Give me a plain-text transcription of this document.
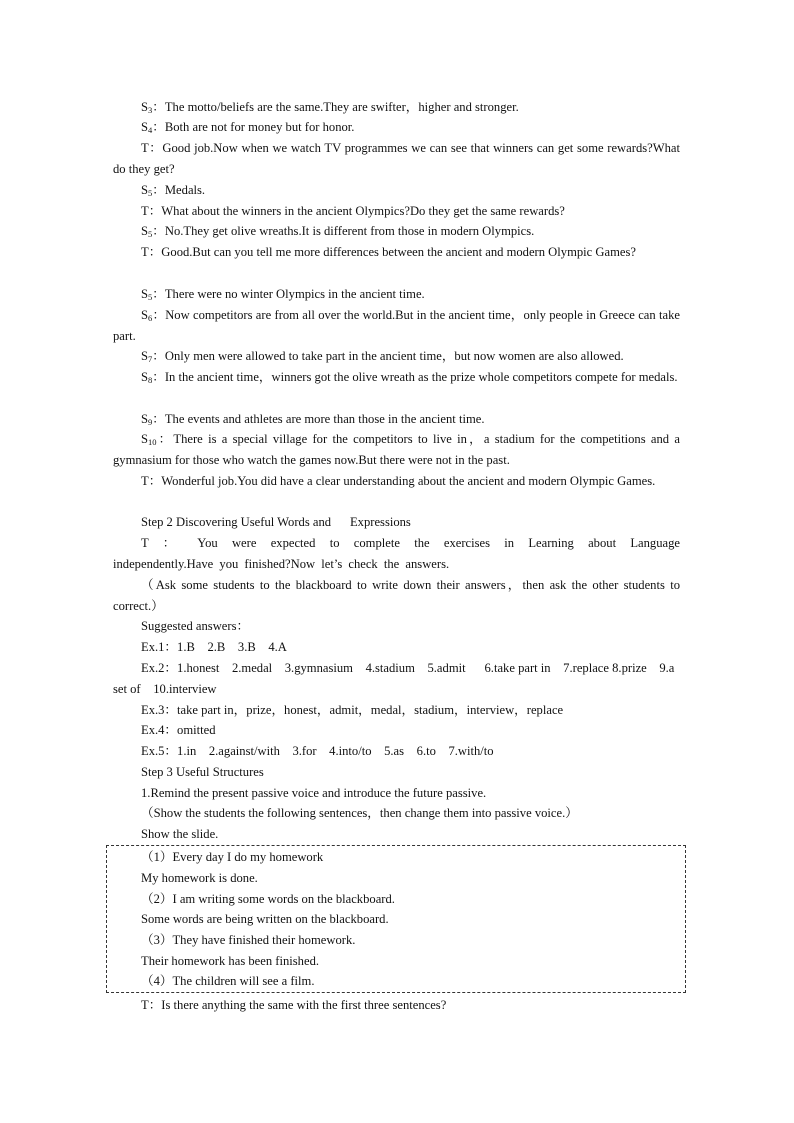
$S_3$：The motto/beliefs are the same.They are swifter，higher and stronger.

$S_4$：Both are not for money but for honor.

T：Good job.Now when we watch TV programmes we can see that winners can get some rewards?What do they get?

$S_5$：Medals.

T：What about the winners in the ancient Olympics?Do they get the same rewards?

$S_5$：No.They get olive wreaths.It is different from those in modern Olympics.

T：Good.But can you tell me more differences between the ancient and modern Olympic Games?

$S_5$：There were no winter Olympics in the ancient time.

$S_6$：Now competitors are from all over the world.But in the ancient time，only people in Greece can take part.

$S_7$：Only men were allowed to take part in the ancient time，but now women are also allowed.

$S_8$：In the ancient time，winners got the olive wreath as the prize whole competitors compete for medals.

$S_9$：The events and athletes are more than those in the ancient time.

$S_{10}$：There is a special village for the competitors to live in，a stadium for the competitions and a gymnasium for those who watch the games now.But there were not in the past.

T：Wonderful job.You did have a clear understanding about the ancient and modern Olympic Games.

Step 2 Discovering Useful Words and      Expressions

T ： You were expected to complete the exercises in Learning about Language independently.Have you finished?Now let’s check the answers.

（Ask some students to the blackboard to write down their answers，then ask the other students to correct.）

Suggested answers：

Ex.1：1.B    2.B    3.B    4.A

Ex.2：1.honest    2.medal    3.gymnasium    4.stadium    5.admit      6.take part in    7.replace 8.prize    9.a set of    10.interview

Ex.3：take part in，prize，honest，admit，medal，stadium，interview，replace

Ex.4：omitted

Ex.5：1.in    2.against/with    3.for    4.into/to    5.as    6.to    7.with/to

Step 3 Useful Structures

1.Remind the present passive voice and introduce the future passive.

（Show the students the following sentences，then change them into passive voice.）

Show the slide.

（1）Every day I do my homework

My homework is done.

（2）I am writing some words on the blackboard.

Some words are being written on the blackboard.

（3）They have finished their homework.

Their homework has been finished.

（4）The children will see a film.

T：Is there anything the same with the first three sentences?
